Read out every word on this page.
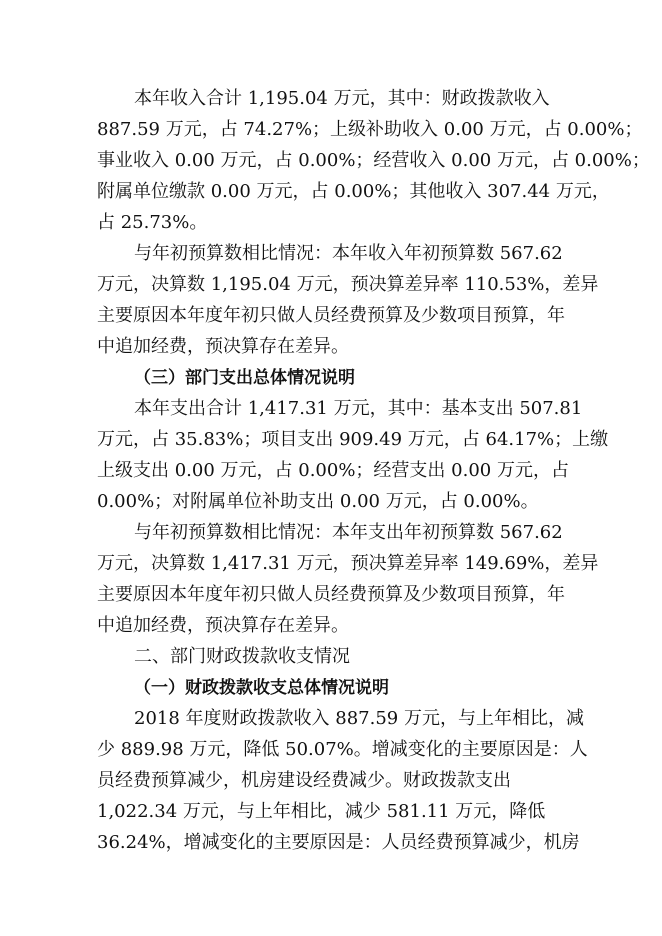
本年收入合计 1,195.04 万元，其中：财政拨款收入
887.59 万元，占 74.27%；上级补助收入 0.00 万元，占 0.00%；
事业收入 0.00 万元，占 0.00%；经营收入 0.00 万元，占 0.00%；
附属单位缴款 0.00 万元，占 0.00%；其他收入 307.44 万元，
占 25.73%。
与年初预算数相比情况：本年收入年初预算数 567.62
万元，决算数 1,195.04 万元，预决算差异率 110.53%，差异
主要原因本年度年初只做人员经费预算及少数项目预算，年
中追加经费，预决算存在差异。
（三）部门支出总体情况说明
本年支出合计 1,417.31 万元，其中：基本支出 507.81
万元，占 35.83%；项目支出 909.49 万元，占 64.17%；上缴
上级支出 0.00 万元，占 0.00%；经营支出 0.00 万元，占
0.00%；对附属单位补助支出 0.00 万元，占 0.00%。
与年初预算数相比情况：本年支出年初预算数 567.62
万元，决算数 1,417.31 万元，预决算差异率 149.69%，差异
主要原因本年度年初只做人员经费预算及少数项目预算，年
中追加经费，预决算存在差异。
二、部门财政拨款收支情况
（一）财政拨款收支总体情况说明
2018 年度财政拨款收入 887.59 万元，与上年相比，减
少 889.98 万元，降低 50.07%。增减变化的主要原因是：人
员经费预算减少，机房建设经费减少。财政拨款支出
1,022.34 万元，与上年相比，减少 581.11 万元，降低
36.24%，增减变化的主要原因是：人员经费预算减少，机房
